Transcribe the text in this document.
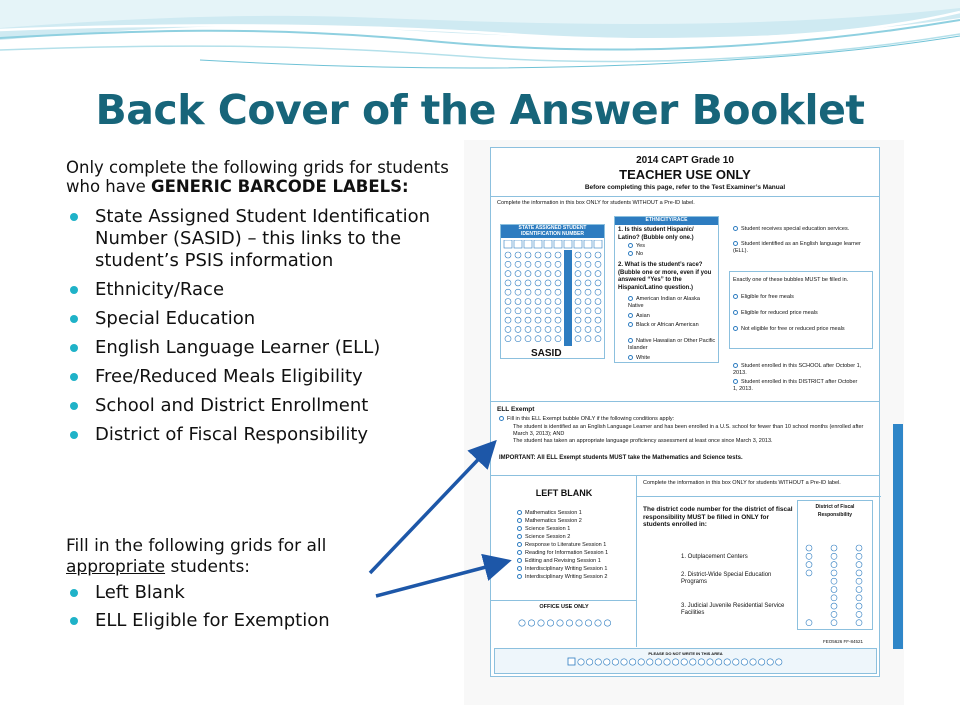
Back Cover of the Answer Booklet
Only complete the following grids for students who have GENERIC BARCODE LABELS:
State Assigned Student Identification Number (SASID) – this links to the student’s PSIS information
Ethnicity/Race
Special Education
English Language Learner (ELL)
Free/Reduced Meals Eligibility
School and District Enrollment
District of Fiscal Responsibility
Fill in the following grids for all
appropriate students:
Left Blank
ELL Eligible for Exemption
2014 CAPT Grade 10
TEACHER USE ONLY
Before completing this page, refer to the Test Examiner’s Manual
Complete the information in this box ONLY for students WITHOUT a Pre-ID label.
STATE ASSIGNED STUDENT IDENTIFICATION NUMBER
SASID
ETHNICITY/RACE
1. Is this student Hispanic/ Latino? (Bubble only one.)
Yes
No
2. What is the student’s race? (Bubble one or more, even if you answered “Yes” to the Hispanic/Latino question.)
American Indian or Alaska Native
Asian
Black or African American
Native Hawaiian or Other Pacific Islander
White
Student receives special education services.
Student identified as an English language learner (ELL).
Exactly one of these bubbles MUST be filled in.
Eligible for free meals
Eligible for reduced price meals
Not eligible for free or reduced price meals
Student enrolled in this SCHOOL after October 1, 2013.
Student enrolled in this DISTRICT after October 1, 2013.
ELL Exempt
Fill in this ELL Exempt bubble ONLY if the following conditions apply:
The student is identified as an English Language Learner and has been enrolled in a U.S. school for fewer than 10 school months (enrolled after March 3, 2013); AND
The student has taken an appropriate language proficiency assessment at least once since March 3, 2013.
IMPORTANT: All ELL Exempt students MUST take the Mathematics and Science tests.
LEFT BLANK
Mathematics Session 1
Mathematics Session 2
Science Session 1
Science Session 2
Response to Literature Session 1
Reading for Information Session 1
Editing and Revising Session 1
Interdisciplinary Writing Session 1
Interdisciplinary Writing Session 2
OFFICE USE ONLY
Complete the information in this box ONLY for students WITHOUT a Pre-ID label.
The district code number for the district of fiscal responsibility MUST be filled in ONLY for students enrolled in:
1. Outplacement Centers
2. District-Wide Special Education Programs
3. Judicial Juvenile Residential Service Facilities
District of Fiscal Responsibility
FEO5626 FF-84521
PLEASE DO NOT WRITE IN THIS AREA
